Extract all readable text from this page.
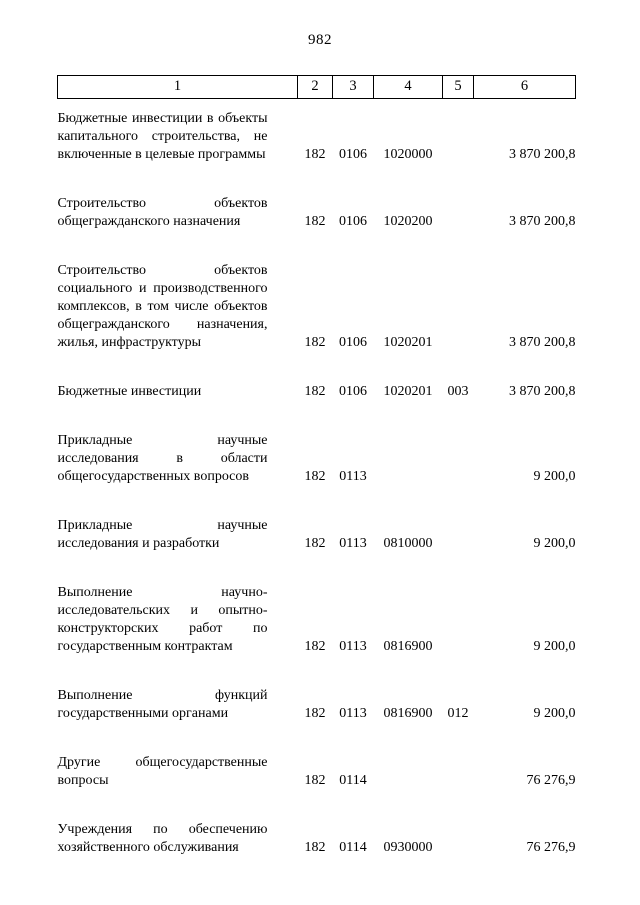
982
1	2	3	4	5	6
Бюджетные инвестиции в объекты капитального строительства, не включенные в целевые программы	182	0106	1020000		3 870 200,8
Строительство объектов общегражданского назначения	182	0106	1020200		3 870 200,8
Строительство объектов социального и производственного комплексов, в том числе объектов общегражданского назначения, жилья, инфраструктуры	182	0106	1020201		3 870 200,8
Бюджетные инвестиции	182	0106	1020201	003	3 870 200,8
Прикладные научные исследования в области общегосударственных вопросов	182	0113			9 200,0
Прикладные научные исследования и разработки	182	0113	0810000		9 200,0
Выполнение научно-исследовательских и опытно-конструкторских работ по государственным контрактам	182	0113	0816900		9 200,0
Выполнение функций государственными органами	182	0113	0816900	012	9 200,0
Другие общегосударственные вопросы	182	0114			76 276,9
Учреждения по обеспечению хозяйственного обслуживания	182	0114	0930000		76 276,9
